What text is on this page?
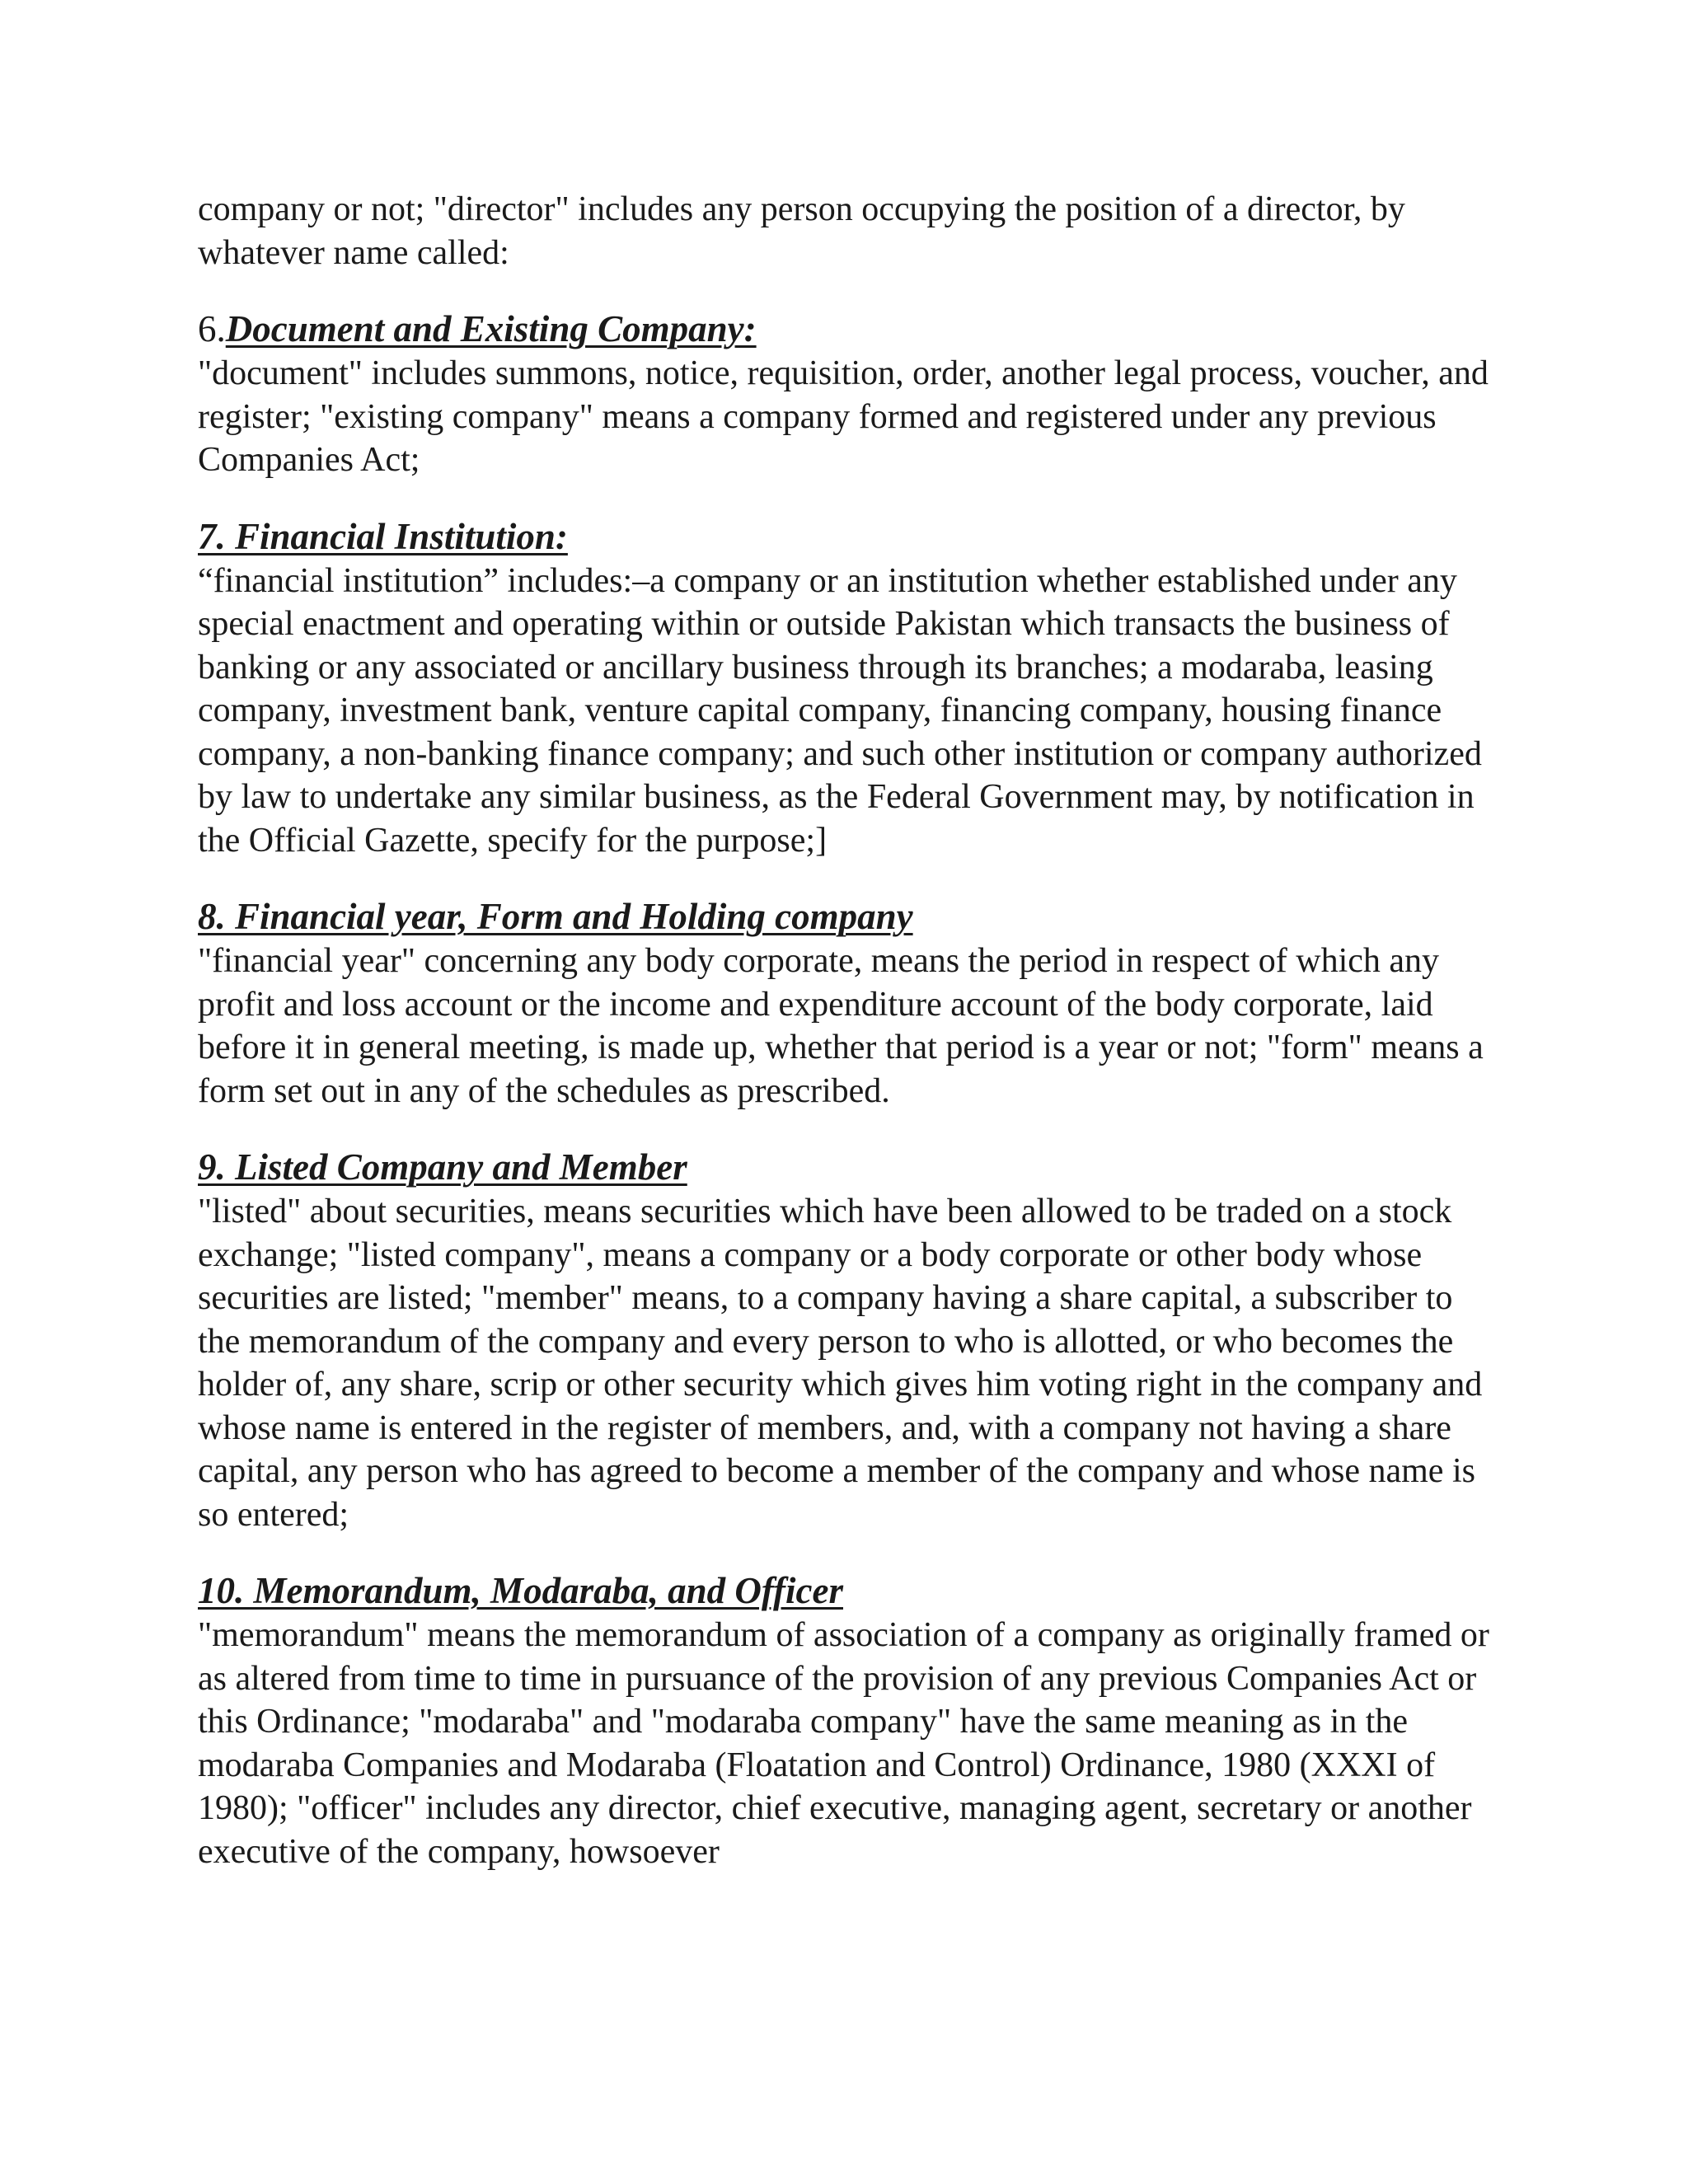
company or not; "director" includes any person occupying the position of a director, by whatever name called:

6.Document and Existing Company:

"document" includes summons, notice, requisition, order, another legal process, voucher, and register; "existing company" means a company formed and registered under any previous Companies Act;

7. Financial Institution:

“financial institution” includes:–a company or an institution whether established under any special enactment and operating within or outside Pakistan which transacts the business of banking or any associated or ancillary business through its branches; a modaraba, leasing company, investment bank, venture capital company, financing company, housing finance company, a non-banking finance company; and such other institution or company authorized by law to undertake any similar business, as the Federal Government may, by notification in the Official Gazette, specify for the purpose;]

8. Financial year, Form and Holding company

"financial year" concerning any body corporate, means the period in respect of which any profit and loss account or the income and expenditure account of the body corporate, laid before it in general meeting, is made up, whether that period is a year or not; "form" means a form set out in any of the schedules as prescribed.

9. Listed Company and Member

"listed" about securities, means securities which have been allowed to be traded on a stock exchange; "listed company", means a company or a body corporate or other body whose securities are listed; "member" means, to a company having a share capital, a subscriber to the memorandum of the company and every person to who is allotted, or who becomes the holder of, any share, scrip or other security which gives him voting right in the company and whose name is entered in the register of members, and, with a company not having a share capital, any person who has agreed to become a member of the company and whose name is so entered;

10. Memorandum, Modaraba, and Officer

"memorandum" means the memorandum of association of a company as originally framed or as altered from time to time in pursuance of the provision of any previous Companies Act or this Ordinance; "modaraba" and "modaraba company" have the same meaning as in the modaraba Companies and Modaraba (Floatation and Control) Ordinance, 1980 (XXXI of 1980); "officer" includes any director, chief executive, managing agent, secretary or another executive of the company, howsoever
